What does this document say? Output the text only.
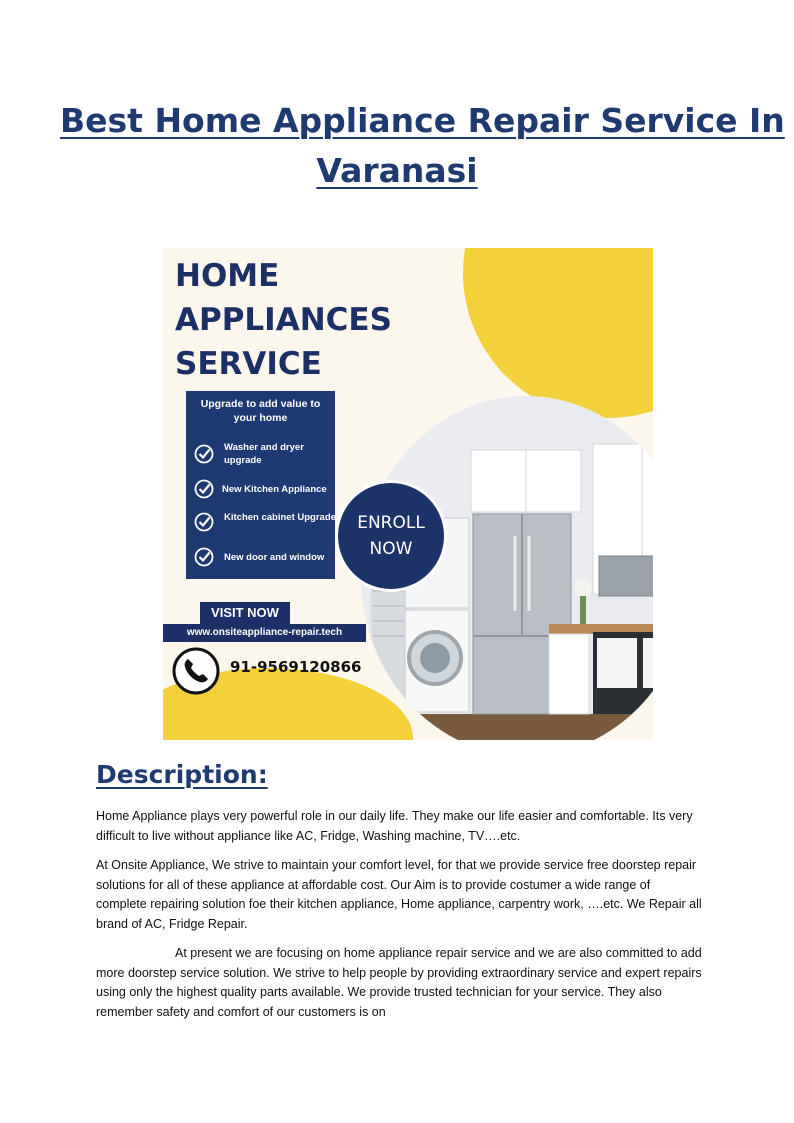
Best Home Appliance Repair Service In
Varanasi
HOME
APPLIANCES
SERVICE

Upgrade to add value to your home

Washer and dryer upgrade
New Kitchen Appliance
Kitchen cabinet Upgrade
New door and window
ENROLL
NOW
VISIT NOW
www.onsiteappliance-repair.tech
91-9569120866
Description:

Home Appliance plays very powerful role in our daily life. They make our life easier and comfortable. Its very difficult to live without appliance like AC, Fridge, Washing machine, TV….etc.

At Onsite Appliance, We strive to maintain your comfort level, for that we provide service free doorstep repair solutions for all of these appliance at affordable cost. Our Aim is to provide costumer a wide range of complete repairing solution foe their kitchen appliance, Home appliance, carpentry work, ….etc. We Repair all brand of AC, Fridge Repair.

At present we are focusing on home appliance repair service and we are also committed to add more doorstep service solution. We strive to help people by providing extraordinary service and expert repairs using only the highest quality parts available. We provide trusted technician for your service. They also remember safety and comfort of our customers is on
